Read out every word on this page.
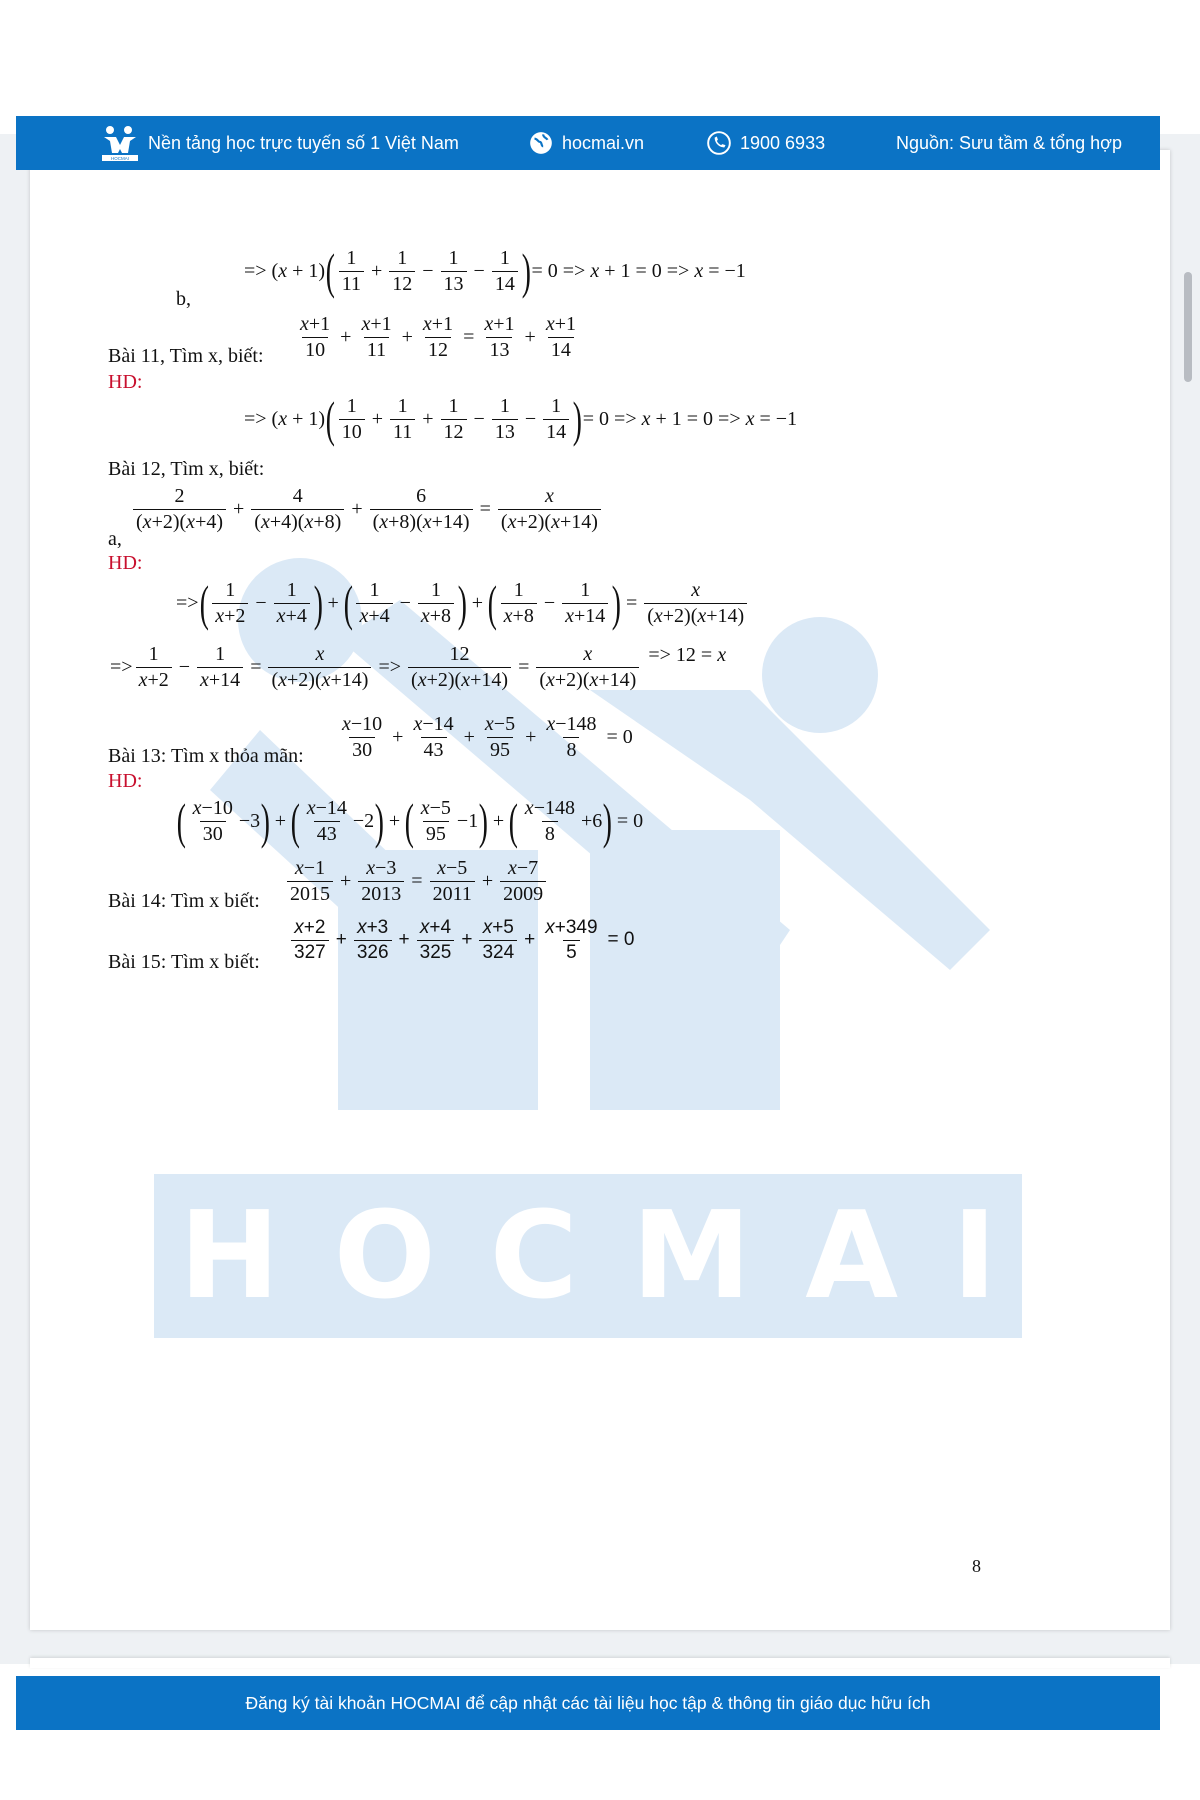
HOCMAI
HOCMAI
Nền tảng học trực tuyến số 1 Việt Nam	hocmai.vn	1900 6933	Nguồn: Sưu tầm & tổng hợp
Đăng ký tài khoản HOCMAI để cập nhật các tài liệu học tập & thông tin giáo dục hữu ích
b,
=> (x + 1) ( $\frac{1}{11} + \frac{1}{12} - \frac{1}{13} - \frac{1}{14}$ ) = 0 => x + 1 = 0 => x = −1
Bài 11, Tìm x, biết: $\frac{x+1}{10} + \frac{x+1}{11} + \frac{x+1}{12} = \frac{x+1}{13} + \frac{x+1}{14}$
HD:
=> (x + 1) ( $\frac{1}{10} + \frac{1}{11} + \frac{1}{12} - \frac{1}{13} - \frac{1}{14}$ ) = 0 => x + 1 = 0 => x = −1
Bài 12, Tìm x, biết:
a,
$\frac{2}{(x+2)(x+4)} + \frac{4}{(x+4)(x+8)} + \frac{6}{(x+8)(x+14)} = \frac{x}{(x+2)(x+14)}$
HD:
=> ( $\frac{1}{x+2} - \frac{1}{x+4}$ ) + ( $\frac{1}{x+4} - \frac{1}{x+8}$ ) + ( $\frac{1}{x+8} - \frac{1}{x+14}$ ) = $\frac{x}{(x+2)(x+14)}$
=> $\frac{1}{x+2} - \frac{1}{x+14} = \frac{x}{(x+2)(x+14)} => \frac{12}{(x+2)(x+14)} = \frac{x}{(x+2)(x+14)} => 12 = x$
Bài 13: Tìm x thỏa mãn: $\frac{x-10}{30} + \frac{x-14}{43} + \frac{x-5}{95} + \frac{x-148}{8} = 0$
HD:
( $\frac{x-10}{30} -3$ ) + ( $\frac{x-14}{43} -2$ ) + ( $\frac{x-5}{95} -1$ ) + ( $\frac{x-148}{8} +6$ ) = 0
Bài 14: Tìm x biết: $\frac{x-1}{2015} + \frac{x-3}{2013} = \frac{x-5}{2011} + \frac{x-7}{2009}$
Bài 15: Tìm x biết: $\frac{x+2}{327} + \frac{x+3}{326} + \frac{x+4}{325} + \frac{x+5}{324} + \frac{x+349}{5} = 0$
8
